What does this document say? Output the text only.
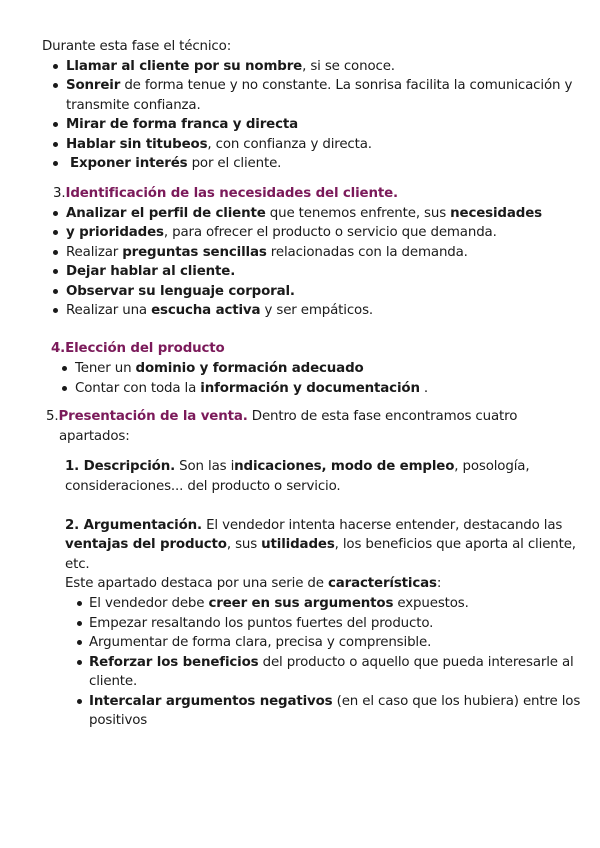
Durante esta fase el técnico:
Llamar al cliente por su nombre, si se conoce.
Sonreir de forma tenue y no constante. La sonrisa facilita la comunicación y
transmite confianza.
Mirar de forma franca y directa
Hablar sin titubeos, con confianza y directa.
Exponer interés por el cliente.
3.Identificación de las necesidades del cliente.
Analizar el perfil de cliente que tenemos enfrente, sus necesidades
y prioridades, para ofrecer el producto o servicio que demanda.
Realizar preguntas sencillas relacionadas con la demanda.
Dejar hablar al cliente.
Observar su lenguaje corporal.
Realizar una escucha activa y ser empáticos.
4.Elección del producto
Tener un dominio y formación adecuado
Contar con toda la información y documentación .
5.Presentación de la venta. Dentro de esta fase encontramos cuatro
apartados:
1. Descripción. Son las indicaciones, modo de empleo, posología,
consideraciones... del producto o servicio.
2. Argumentación. El vendedor intenta hacerse entender, destacando las
ventajas del producto, sus utilidades, los beneficios que aporta al cliente,
etc.
Este apartado destaca por una serie de características:
El vendedor debe creer en sus argumentos expuestos.
Empezar resaltando los puntos fuertes del producto.
Argumentar de forma clara, precisa y comprensible.
Reforzar los beneficios del producto o aquello que pueda interesarle al
cliente.
Intercalar argumentos negativos (en el caso que los hubiera) entre los
positivos
